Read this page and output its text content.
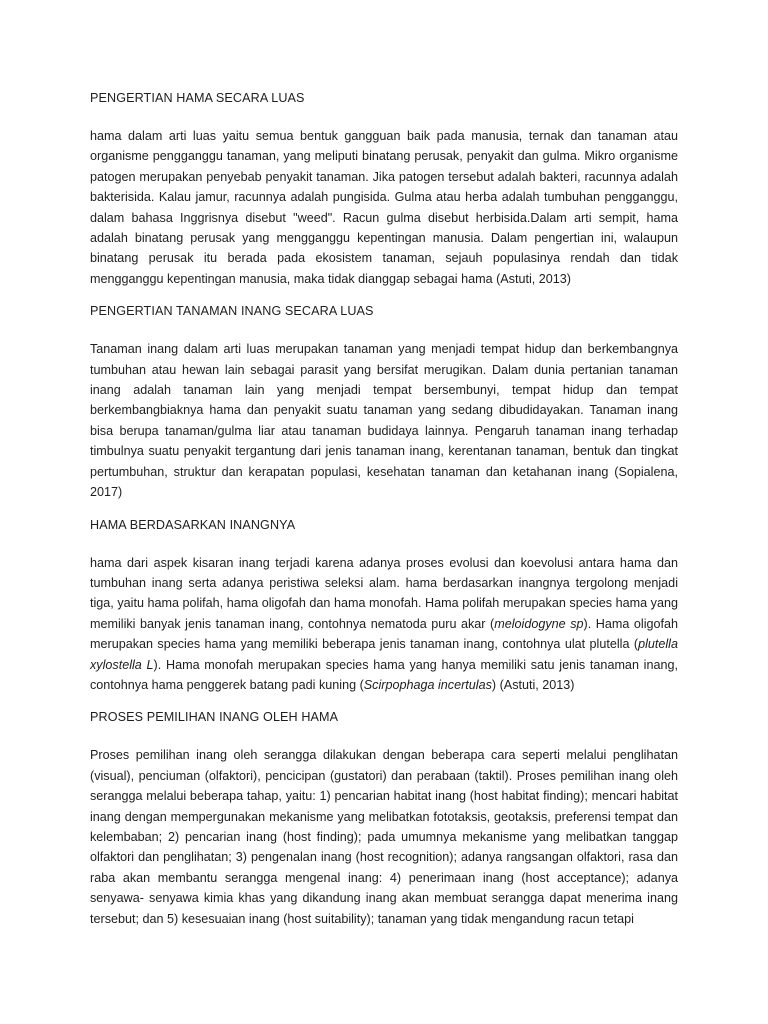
PENGERTIAN HAMA SECARA LUAS

hama dalam arti luas yaitu semua bentuk gangguan baik pada manusia, ternak dan tanaman atau organisme pengganggu tanaman, yang meliputi binatang perusak, penyakit dan gulma. Mikro organisme patogen merupakan penyebab penyakit tanaman. Jika patogen tersebut adalah bakteri, racunnya adalah bakterisida. Kalau jamur, racunnya adalah pungisida. Gulma atau herba adalah tumbuhan pengganggu, dalam bahasa Inggrisnya disebut "weed". Racun gulma disebut herbisida.Dalam arti sempit, hama adalah binatang perusak yang mengganggu kepentingan manusia. Dalam pengertian ini, walaupun binatang perusak itu berada pada ekosistem tanaman, sejauh populasinya rendah dan tidak mengganggu kepentingan manusia, maka tidak dianggap sebagai hama (Astuti, 2013)

PENGERTIAN TANAMAN INANG SECARA LUAS

Tanaman inang dalam arti luas merupakan tanaman yang menjadi tempat hidup dan berkembangnya tumbuhan atau hewan lain sebagai parasit yang bersifat merugikan. Dalam dunia pertanian tanaman inang adalah tanaman lain yang menjadi tempat bersembunyi, tempat hidup dan tempat berkembangbiaknya hama dan penyakit suatu tanaman yang sedang dibudidayakan. Tanaman inang bisa berupa tanaman/gulma liar atau tanaman budidaya lainnya. Pengaruh tanaman inang terhadap timbulnya suatu penyakit tergantung dari jenis tanaman inang, kerentanan tanaman, bentuk dan tingkat pertumbuhan, struktur dan kerapatan populasi, kesehatan tanaman dan ketahanan inang (Sopialena, 2017)

HAMA BERDASARKAN INANGNYA

hama dari aspek kisaran inang terjadi karena adanya proses evolusi dan koevolusi antara hama dan tumbuhan inang serta adanya peristiwa seleksi alam. hama berdasarkan inangnya tergolong menjadi tiga, yaitu hama polifah, hama oligofah dan hama monofah. Hama polifah merupakan species hama yang memiliki banyak jenis tanaman inang, contohnya nematoda puru akar (meloidogyne sp). Hama oligofah merupakan species hama yang memiliki beberapa jenis tanaman inang, contohnya ulat plutella (plutella xylostella L). Hama monofah merupakan species hama yang hanya memiliki satu jenis tanaman inang, contohnya hama penggerek batang padi kuning (Scirpophaga incertulas) (Astuti, 2013)

PROSES PEMILIHAN INANG OLEH HAMA

Proses pemilihan inang oleh serangga dilakukan dengan beberapa cara seperti melalui penglihatan (visual), penciuman (olfaktori), pencicipan (gustatori) dan perabaan (taktil). Proses pemilihan inang oleh serangga melalui beberapa tahap, yaitu: 1) pencarian habitat inang (host habitat finding); mencari habitat inang dengan mempergunakan mekanisme yang melibatkan fototaksis, geotaksis, preferensi tempat dan kelembaban; 2) pencarian inang (host finding); pada umumnya mekanisme yang melibatkan tanggap olfaktori dan penglihatan; 3) pengenalan inang (host recognition); adanya rangsangan olfaktori, rasa dan raba akan membantu serangga mengenal inang: 4) penerimaan inang (host acceptance); adanya senyawa- senyawa kimia khas yang dikandung inang akan membuat serangga dapat menerima inang tersebut; dan 5) kesesuaian inang (host suitability); tanaman yang tidak mengandung racun tetapi
